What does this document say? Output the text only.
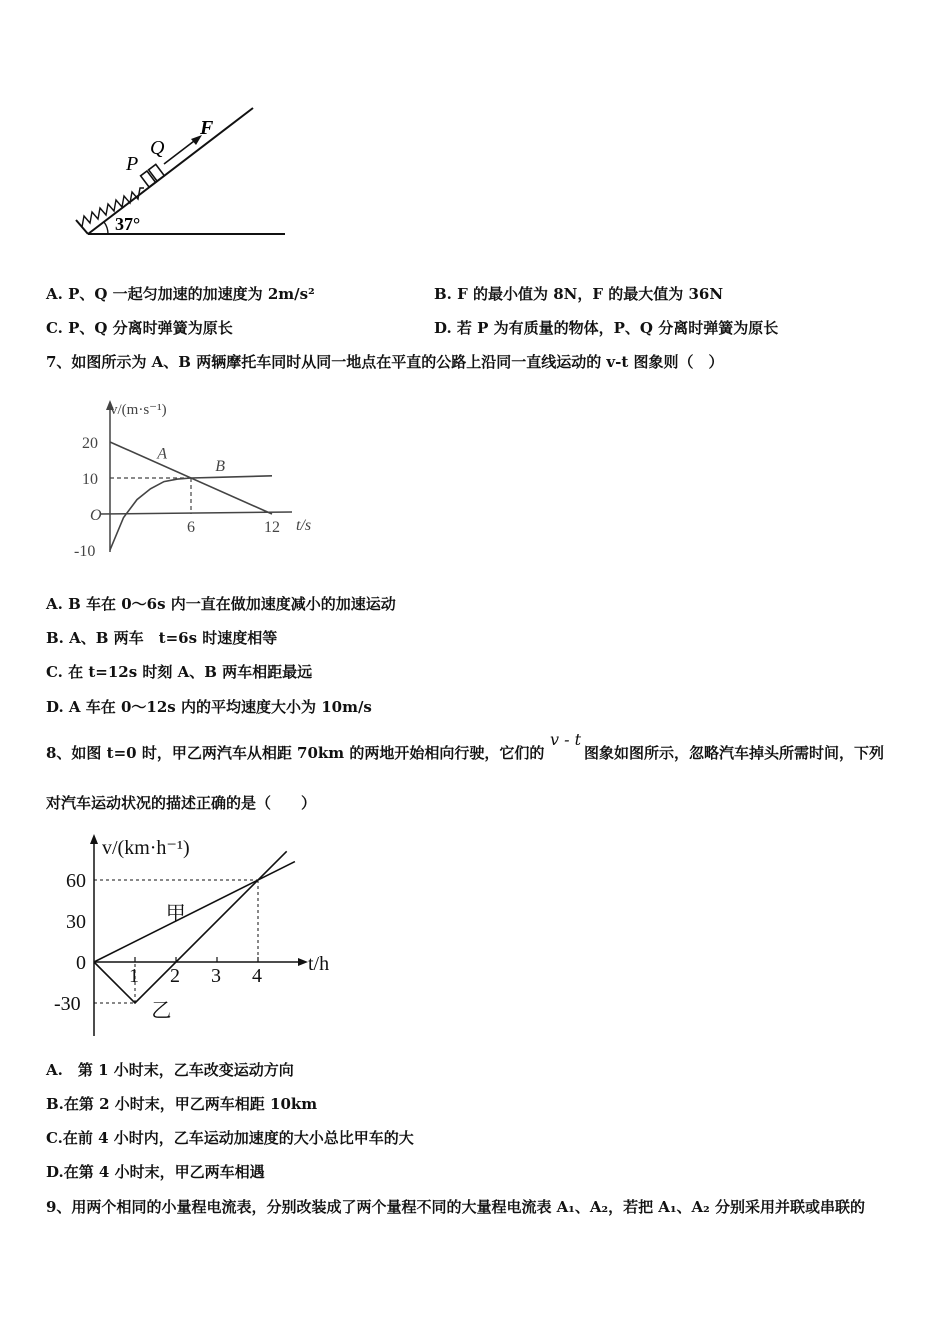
F
Q
P
37°
A. P、Q 一起匀加速的加速度为 2m/s²	B. F 的最小值为 8N，F 的最大值为 36N
C. P、Q 分离时弹簧为原长	D. 若 P 为有质量的物体，P、Q 分离时弹簧为原长
7、如图所示为 A、B 两辆摩托车同时从同一地点在平直的公路上沿同一直线运动的 v-t 图象则（　）
20
10
-10
6	12
A
B
v/(m·s⁻¹)
t/s
O
A. B 车在 0～6s 内一直在做加速度减小的加速运动
B. A、B 两车　t=6s 时速度相等
C. 在 t=12s 时刻 A、B 两车相距最远
D. A 车在 0～12s 内的平均速度大小为 10m/s
8、如图 t=0 时，甲乙两汽车从相距 70km 的两地开始相向行驶，它们的
v - t
图象如图所示，忽略汽车掉头所需时间，下列
对汽车运动状况的描述正确的是（　　）
60
30
0
-30
1 2 3 4
甲
乙
v/(km·h⁻¹)
t/h
A.　第 1 小时末，乙车改变运动方向
B.在第 2 小时末，甲乙两车相距 10km
C.在前 4 小时内，乙车运动加速度的大小总比甲车的大
D.在第 4 小时末，甲乙两车相遇
9、用两个相同的小量程电流表，分别改装成了两个量程不同的大量程电流表 A₁、A₂，若把 A₁、A₂ 分别采用并联或串联的
